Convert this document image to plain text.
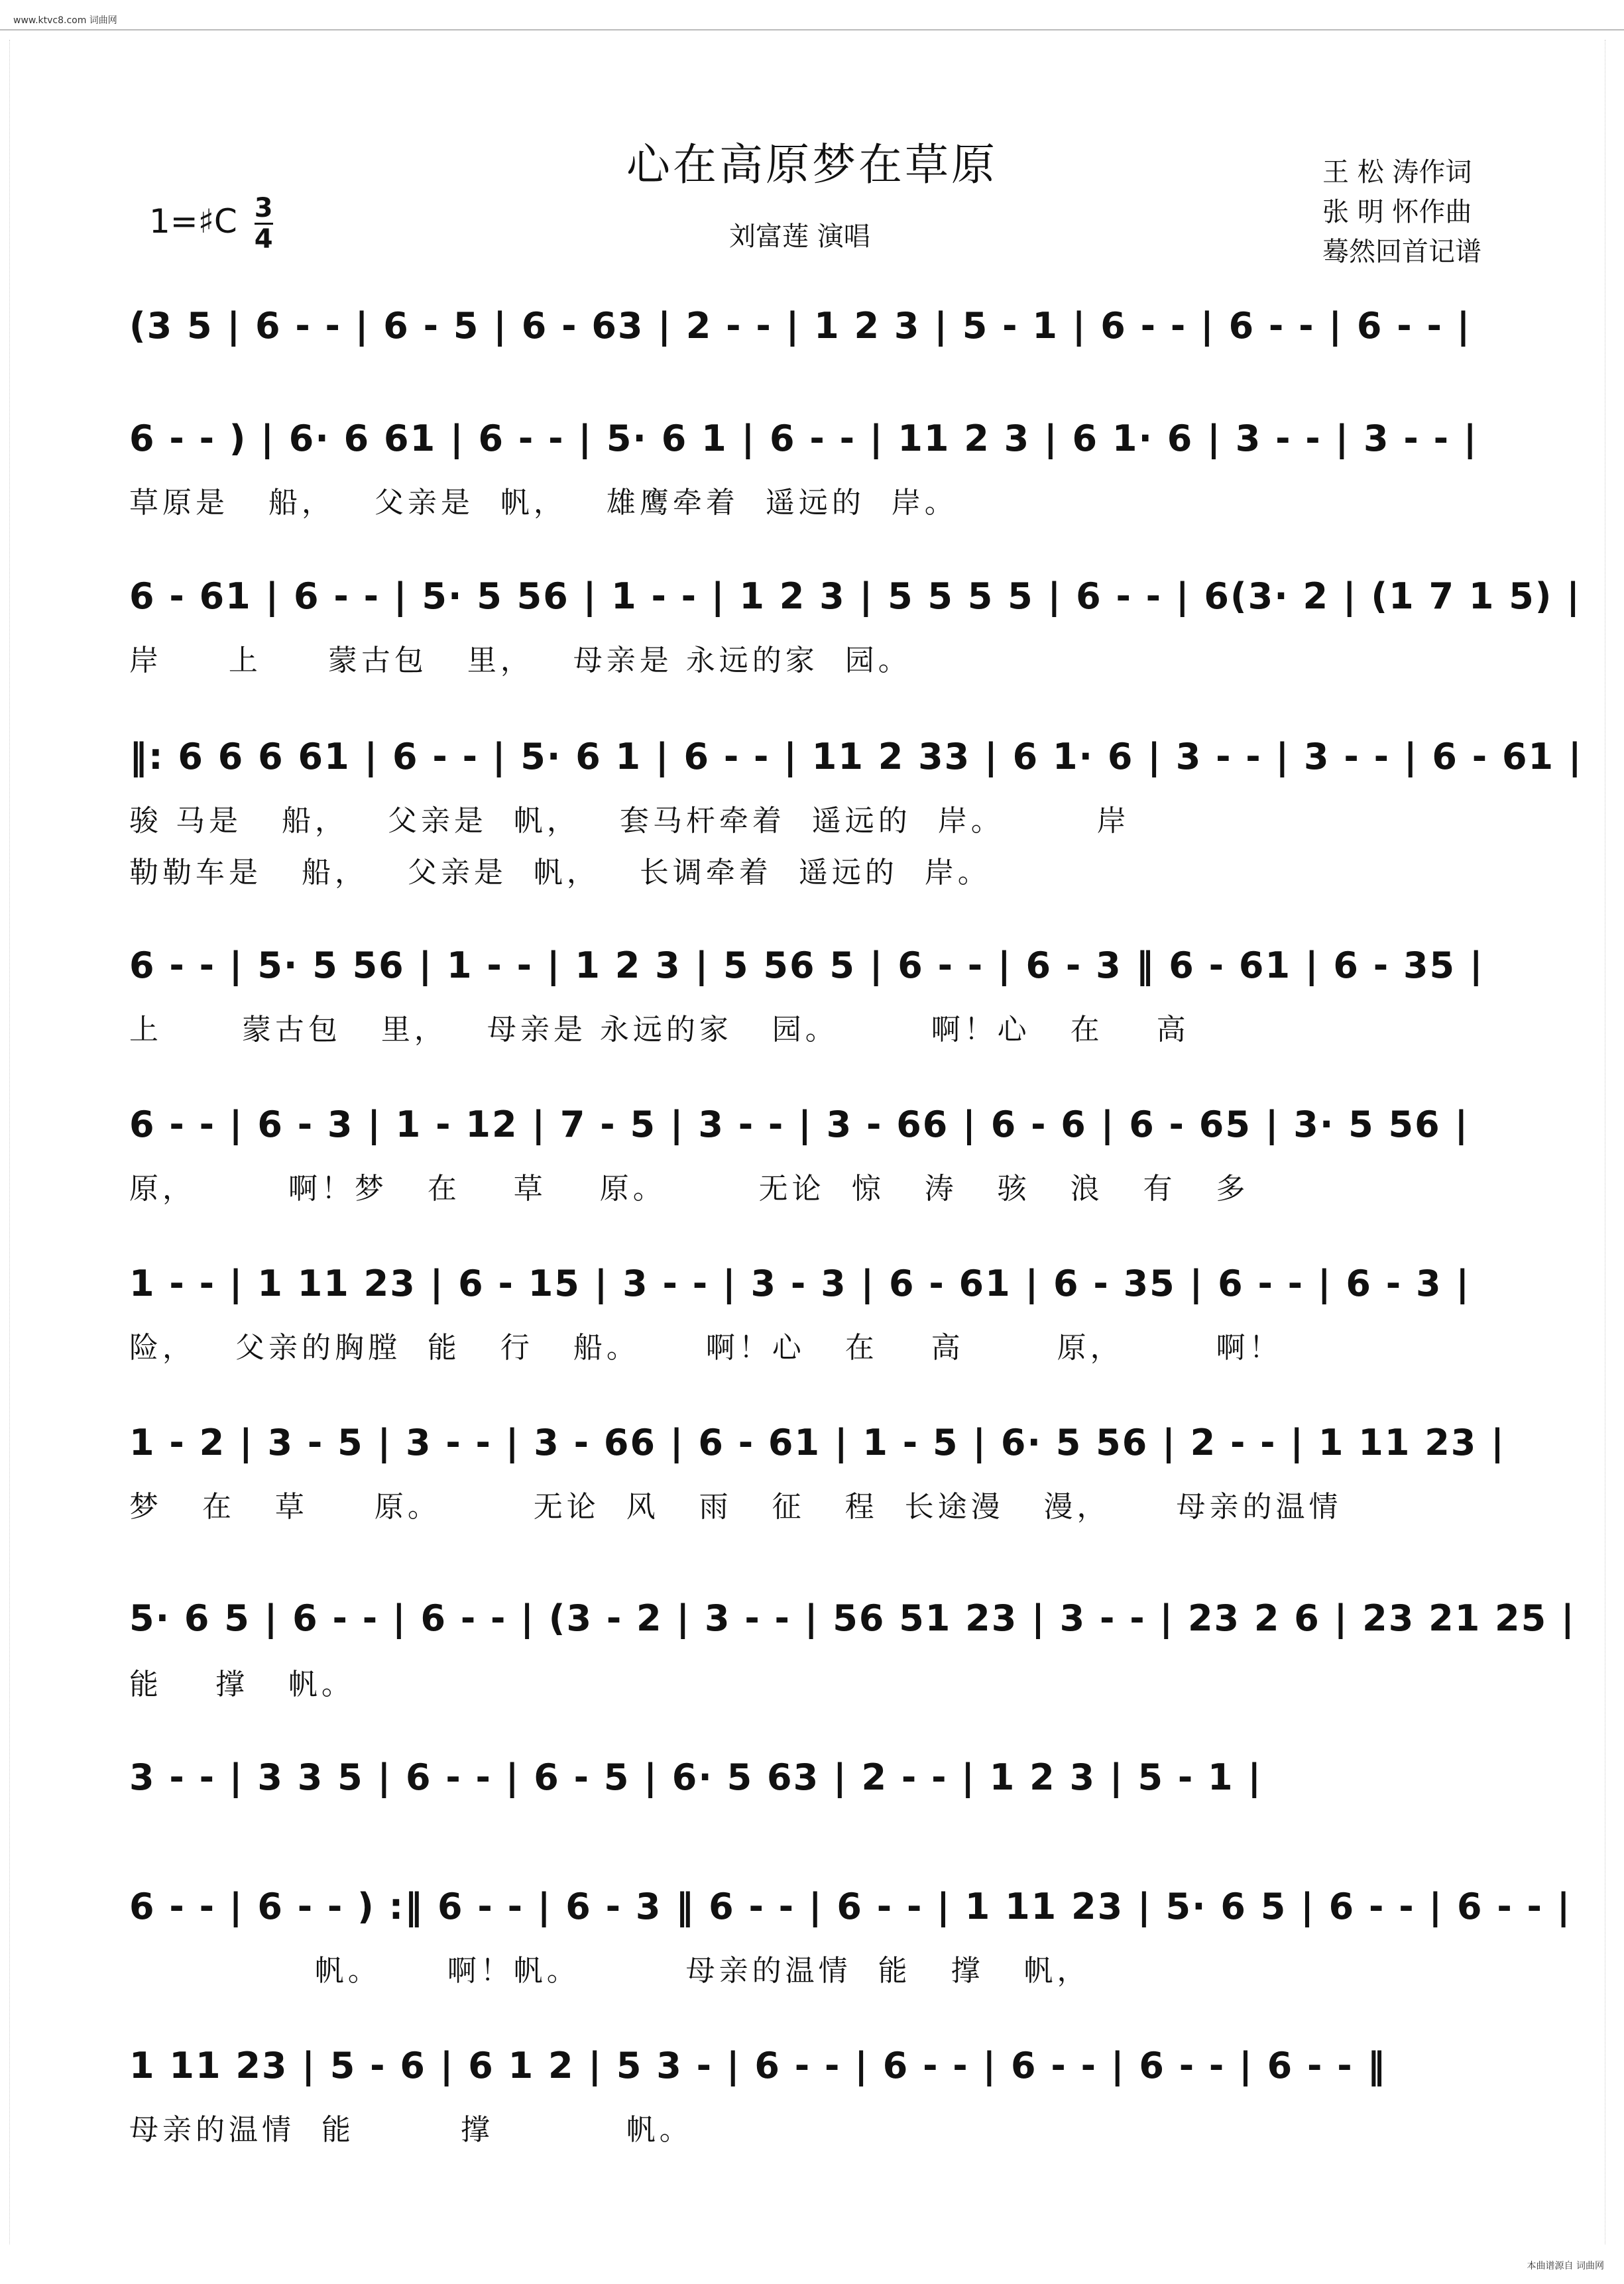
www.ktvc8.com 词曲网
心在高原梦在草原	王 松 涛作词
张 明 怀作曲
蓦然回首记谱
1=♯C $\frac{3}{4}$	刘富莲 演唱
(3 5 | 6 - - | 6 - 5 | 6 - 63 | 2 - - | 1 2 3 | 5 - 1 | 6 - - | 6 - - | 6 - - |
6 - - ) | 6· 6 61 | 6 - - | 5· 6 1 | 6 - - | 11 2 3 | 6 1· 6 | 3 - - | 3 - - |
草原是   船，   父亲是  帆，   雄鹰牵着  遥远的  岸。
6 - 61 | 6 - - | 5· 5 56 | 1 - - | 1 2 3 | 5 5 5 5 | 6 - - | 6(3· 2 | (1 7 1 5) |
岸     上     蒙古包   里，   母亲是 永远的家  园。
‖: 6 6 6 61 | 6 - - | 5· 6 1 | 6 - - | 11 2 33 | 6 1· 6 | 3 - - | 3 - - | 6 - 61 |
骏 马是   船，   父亲是  帆，   套马杆牵着  遥远的  岸。       岸
勒勒车是   船，   父亲是  帆，   长调牵着  遥远的  岸。
6 - - | 5· 5 56 | 1 - - | 1 2 3 | 5 56 5 | 6 - - | 6 - 3 ‖ 6 - 61 | 6 - 35 |
上      蒙古包   里，   母亲是 永远的家   园。       啊！心   在    高
6 - - | 6 - 3 | 1 - 12 | 7 - 5 | 3 - - | 3 - 66 | 6 - 6 | 6 - 65 | 3· 5 56 |
原，       啊！梦   在    草    原。       无论  惊   涛   骇   浪   有   多
1 - - | 1 11 23 | 6 - 15 | 3 - - | 3 - 3 | 6 - 61 | 6 - 35 | 6 - - | 6 - 3 |
险，   父亲的胸膛  能   行   船。     啊！心   在    高       原，       啊！
1 - 2 | 3 - 5 | 3 - - | 3 - 66 | 6 - 61 | 1 - 5 | 6· 5 56 | 2 - - | 1 11 23 |
梦   在   草     原。       无论  风   雨   征   程  长途漫   漫，     母亲的温情
5· 6 5 | 6 - - | 6 - - | (3 - 2 | 3 - - | 56 51 23 | 3 - - | 23 2 6 | 23 21 25 |
能    撑   帆。
3 - - | 3 3 5 | 6 - - | 6 - 5 | 6· 5 63 | 2 - - | 1 2 3 | 5 - 1 |
6 - - | 6 - - ) :‖ 6 - - | 6 - 3 ‖ 6 - - | 6 - - | 1 11 23 | 5· 6 5 | 6 - - | 6 - - |
帆。     啊！帆。        母亲的温情  能   撑   帆，
1 11 23 | 5 - 6 | 6 1 2 | 5 3 - | 6 - - | 6 - - | 6 - - | 6 - - | 6 - - ‖
母亲的温情  能        撑          帆。
本曲谱源自 词曲网
